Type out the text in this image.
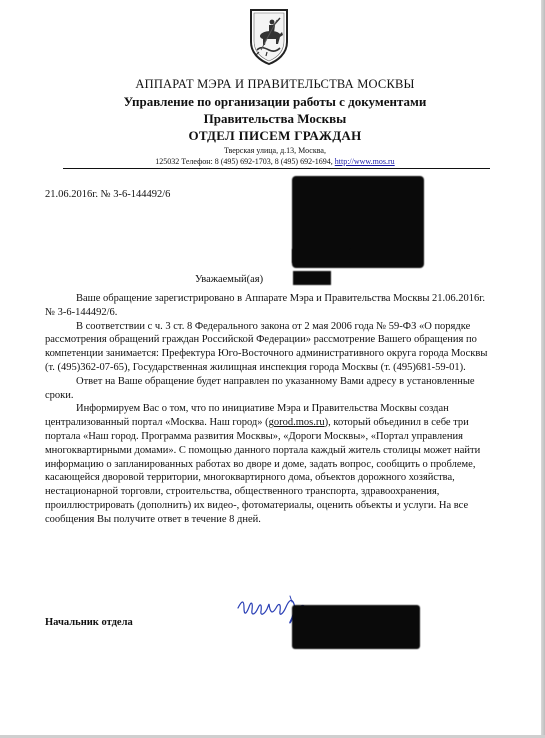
АППАРАТ МЭРА И ПРАВИТЕЛЬСТВА МОСКВЫ
Управление по организации работы с документами
Правительства Москвы
ОТДЕЛ ПИСЕМ ГРАЖДАН
Тверская улица, д.13, Москва,
125032 Телефон: 8 (495) 692-1703, 8 (495) 692-1694, http://www.mos.ru
21.06.2016г. № 3-6-144492/6
Уважаемый(ая)

Ваше обращение зарегистрировано в Аппарате Мэра и Правительства Москвы 21.06.2016г. № 3-6-144492/6.

В соответствии с ч. 3 ст. 8 Федерального закона от 2 мая 2006 года № 59-ФЗ «О порядке рассмотрения обращений граждан Российской Федерации» рассмотрение Вашего обращения по компетенции занимается: Префектура Юго-Восточного административного округа города Москвы (т. (495)362-07-65), Государственная жилищная инспекция города Москвы (т. (495)681-59-01).

Ответ на Ваше обращение будет направлен по указанному Вами адресу в установленные сроки.

Информируем Вас о том, что по инициативе Мэра и Правительства Москвы создан централизованный портал «Москва. Наш город» (gorod.mos.ru), который объединил в себе три портала «Наш город. Программа развития Москвы», «Дороги Москвы», «Портал управления многоквартирными домами». С помощью данного портала каждый житель столицы может найти информацию о запланированных работах во дворе и доме, задать вопрос, сообщить о проблеме, касающейся дворовой территории, многоквартирного дома, объектов дорожного хозяйства, нестационарной торговли, строительства, общественного транспорта, здравоохранения, проиллюстрировать (дополнить) их видео-, фотоматериалы, оценить объекты и услуги. На все сообщения Вы получите ответ в течение 8 дней.

Начальник отдела
